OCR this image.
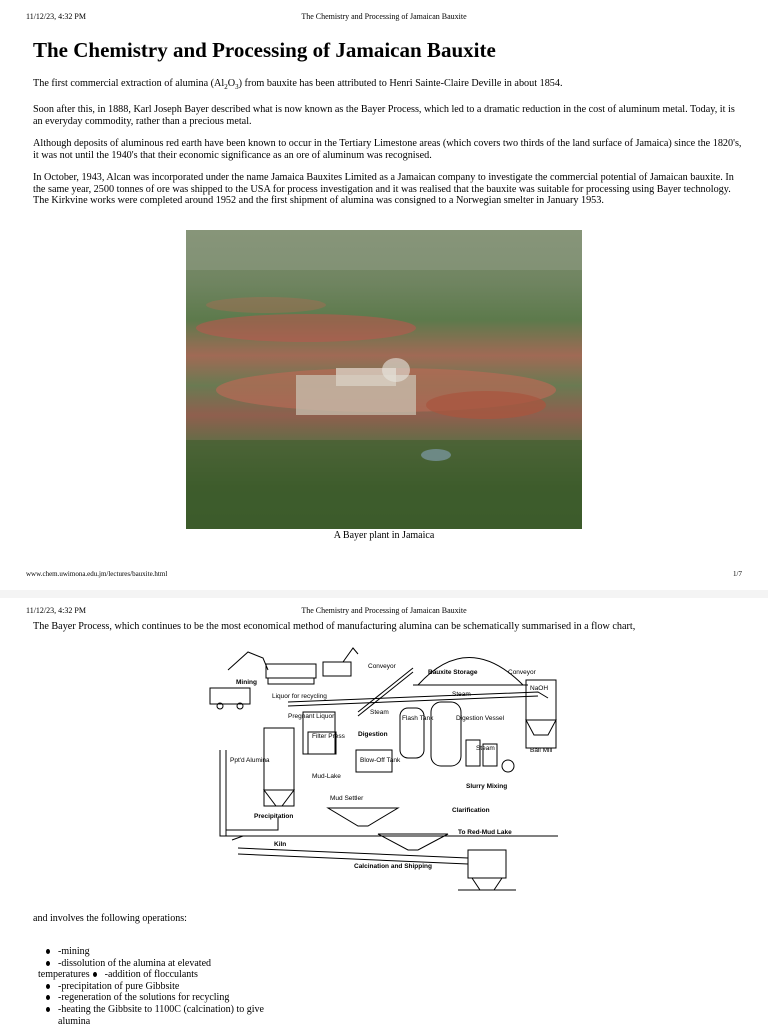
11/12/23, 4:32 PM	The Chemistry and Processing of Jamaican Bauxite
The Chemistry and Processing of Jamaican Bauxite

The first commercial extraction of alumina $(Al_2O_3)$ from bauxite has been attributed to Henri Sainte-Claire Deville in about 1854.

Soon after this, in 1888, Karl Joseph Bayer described what is now known as the Bayer Process, which led to a dramatic reduction in the cost of aluminum metal. Today, it is an everyday commodity, rather than a precious metal.

Although deposits of aluminous red earth have been known to occur in the Tertiary Limestone areas (which covers two thirds of the land surface of Jamaica) since the 1820's, it was not until the 1940's that their economic significance as an ore of aluminum was recognised.

In October, 1943, Alcan was incorporated under the name Jamaica Bauxites Limited as a Jamaican company to investigate the commercial potential of Jamaican bauxite. In the same year, 2500 tonnes of ore was shipped to the USA for process investigation and it was realised that the bauxite was suitable for processing using Bayer technology.

The Kirkvine works were completed around 1952 and the first shipment of alumina was consigned to a Norwegian smelter in January 1953.

A Bayer plant in Jamaica
www.chem.uwimona.edu.jm/lectures/bauxite.html	1/7
11/12/23, 4:32 PM	The Chemistry and Processing of Jamaican Bauxite
The Bayer Process, which continues to be the most economical method of manufacturing alumina can be schematically summarised in a flow chart,
Mining
Conveyor
Bauxite Storage	Conveyor
Liquor for recycling
Pregnant Liquor
Filter Press
Steam
Flash Tank
Steam
Digestion Vessel
NaOH
Digestion
Blow-Off Tank
Steam	Ball Mill
Ppt'd Alumina
Mud-Lake
Slurry Mixing
Mud Settler
Clarification
Precipitation
To Red-Mud Lake
Kiln
Calcination and Shipping
and involves the following operations:
-mining
-dissolution of the alumina at elevated
temperatures -addition of flocculants
-precipitation of pure Gibbsite
-regeneration of the solutions for recycling
-heating the Gibbsite to 1100C (calcination) to give alumina
